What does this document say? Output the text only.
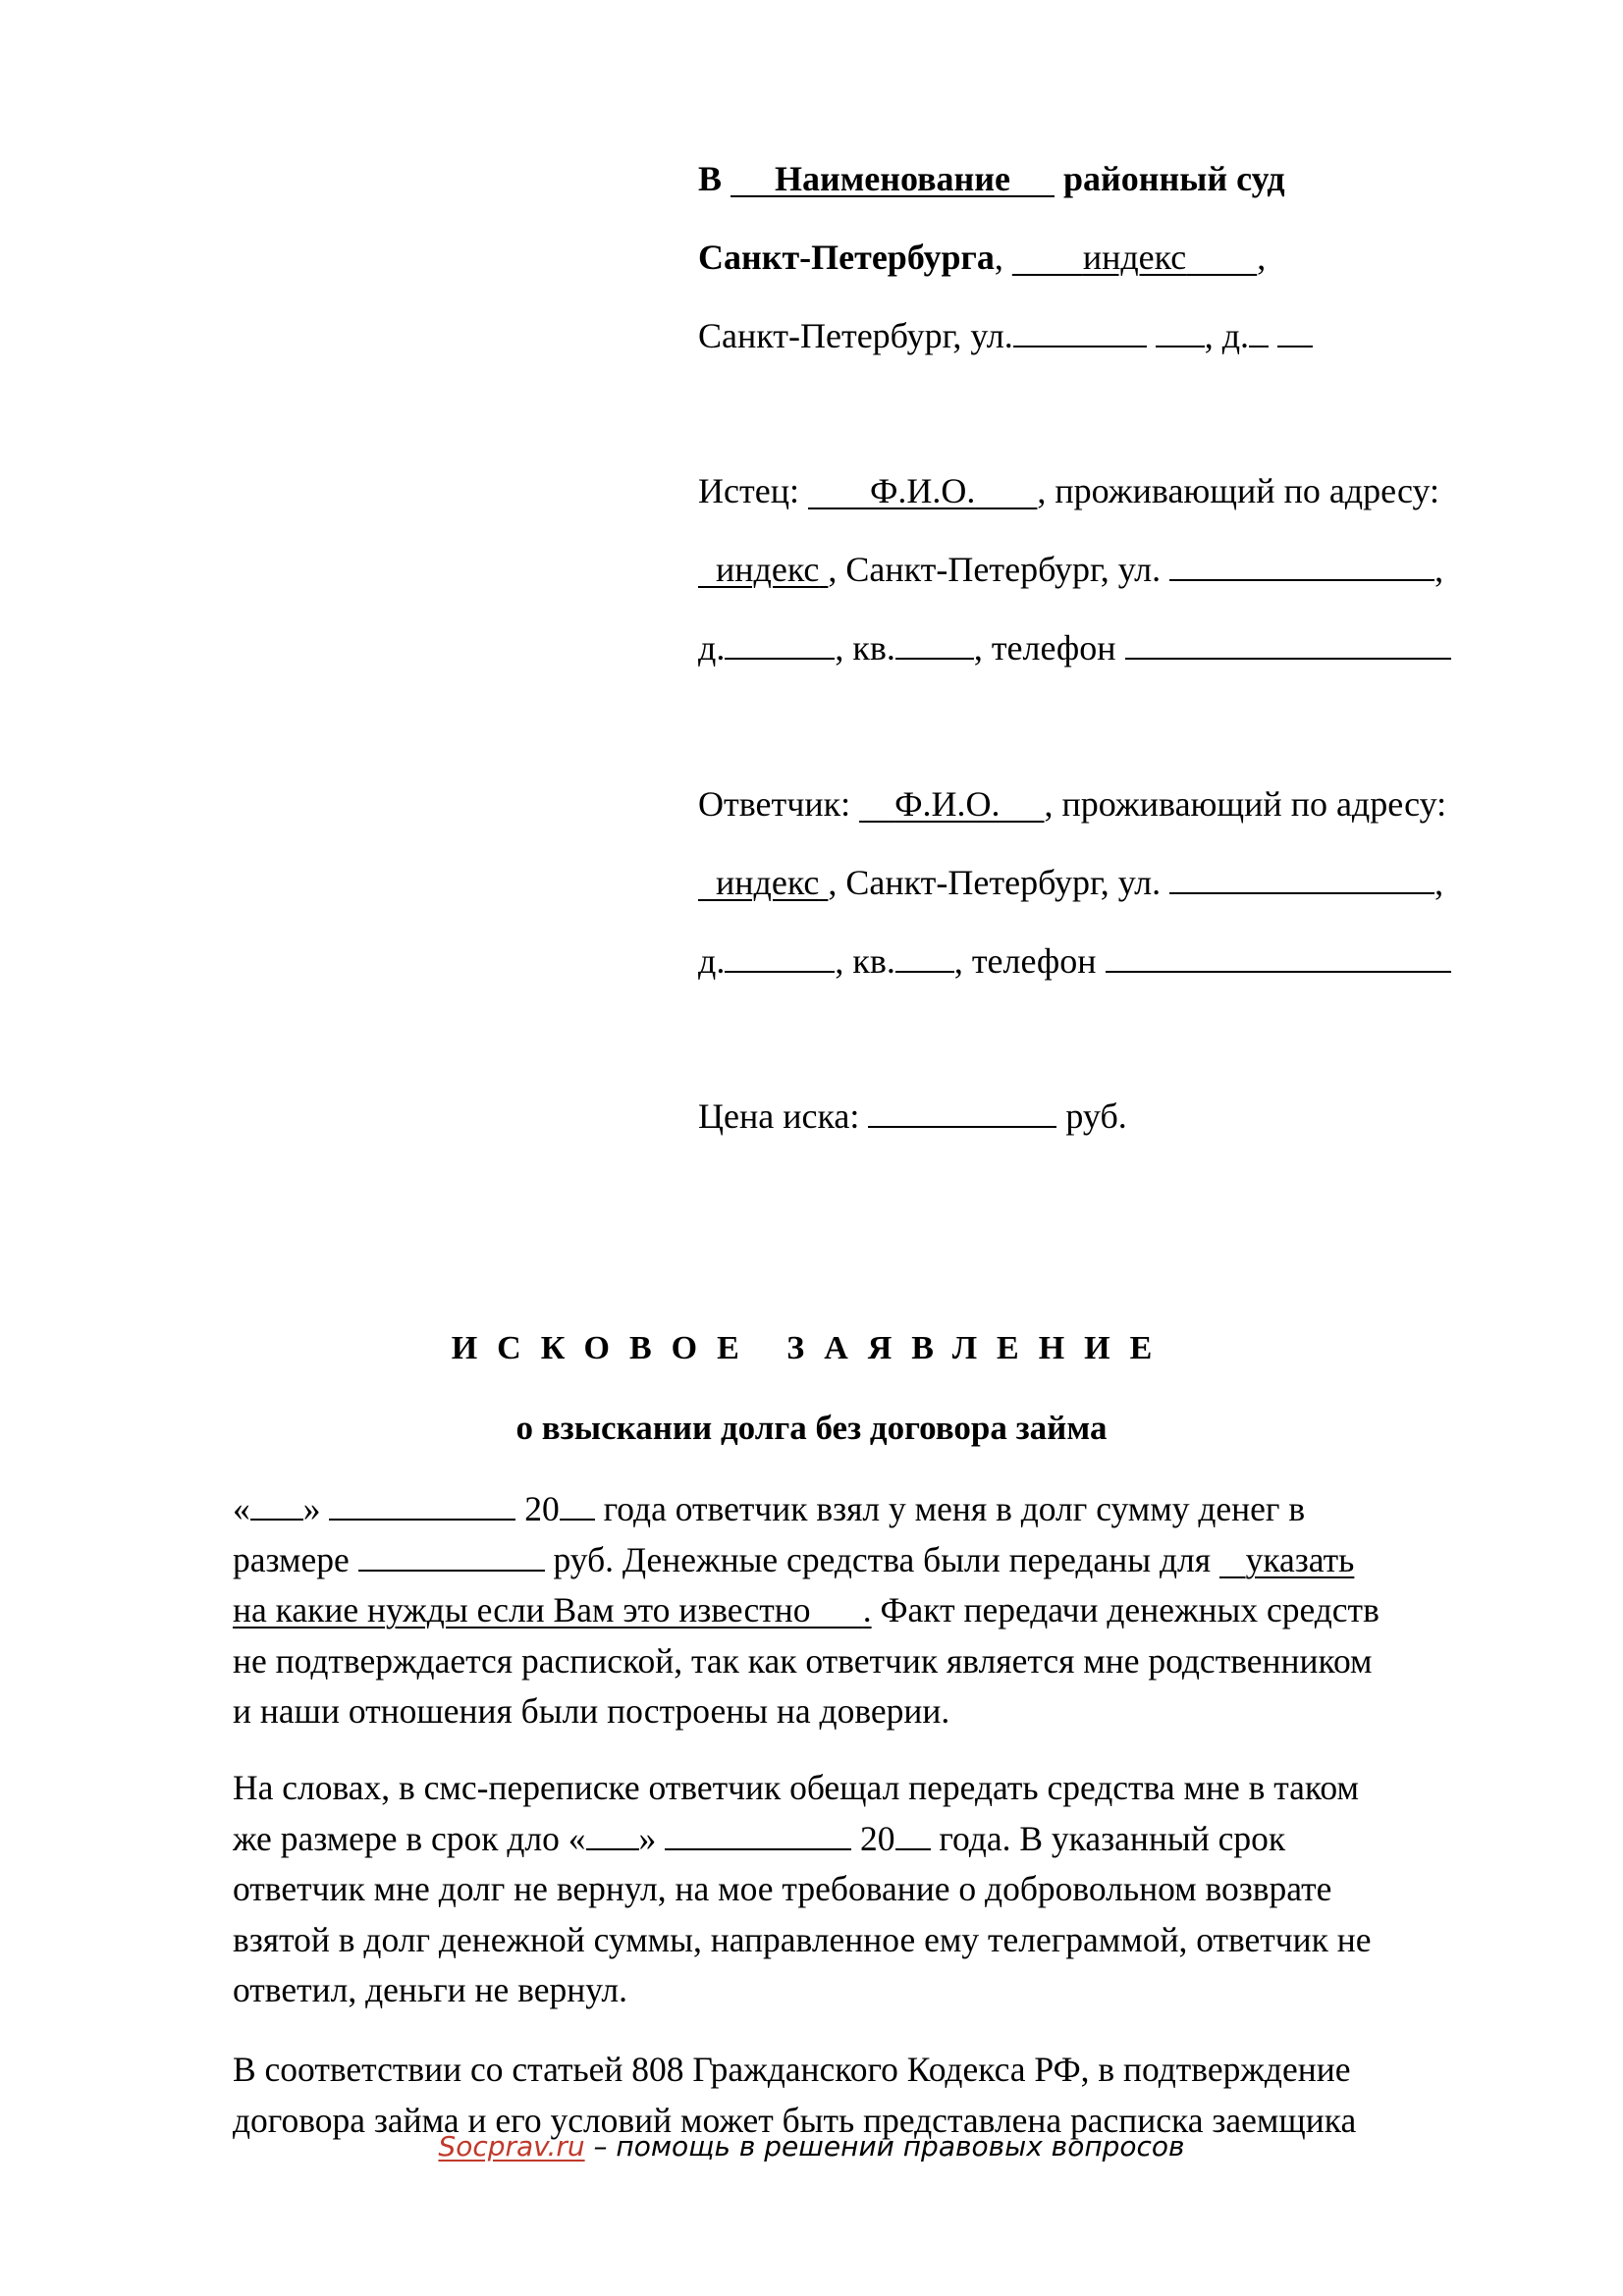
В Наименование районный суд
Санкт-Петербурга,         индекс ,
Санкт-Петербург, ул.	, д.
Истец: Ф.И.О. , проживающий по адресу:
индекс , Санкт-Петербург, ул.	,
д.	, кв. , телефон
Ответчик: Ф.И.О. , проживающий по адресу:
индекс , Санкт-Петербург, ул.	,
д.	, кв. , телефон
Цена иска:	руб.
ИСКОВОЕ ЗАЯВЛЕНИЕ
о взыскании долга без договора займа
« »	20 года ответчик взял у меня в долг сумму денег в
размере	руб. Денежные средства были переданы для указать
на какие нужды если Вам это известно . Факт передачи денежных средств
не подтверждается распиской, так как ответчик является мне родственником
и наши отношения были построены на доверии.
На словах, в смс-переписке ответчик обещал передать средства мне в таком
же размере в срок дло « »	20 года. В указанный срок
ответчик мне долг не вернул, на мое требование о добровольном возврате
взятой в долг денежной суммы, направленное ему телеграммой, ответчик не
ответил, деньги не вернул.
В соответствии со статьей 808 Гражданского Кодекса РФ, в подтверждение
договора займа и его условий может быть представлена расписка заемщика
Socprav.ru – помощь в решении правовых вопросов
